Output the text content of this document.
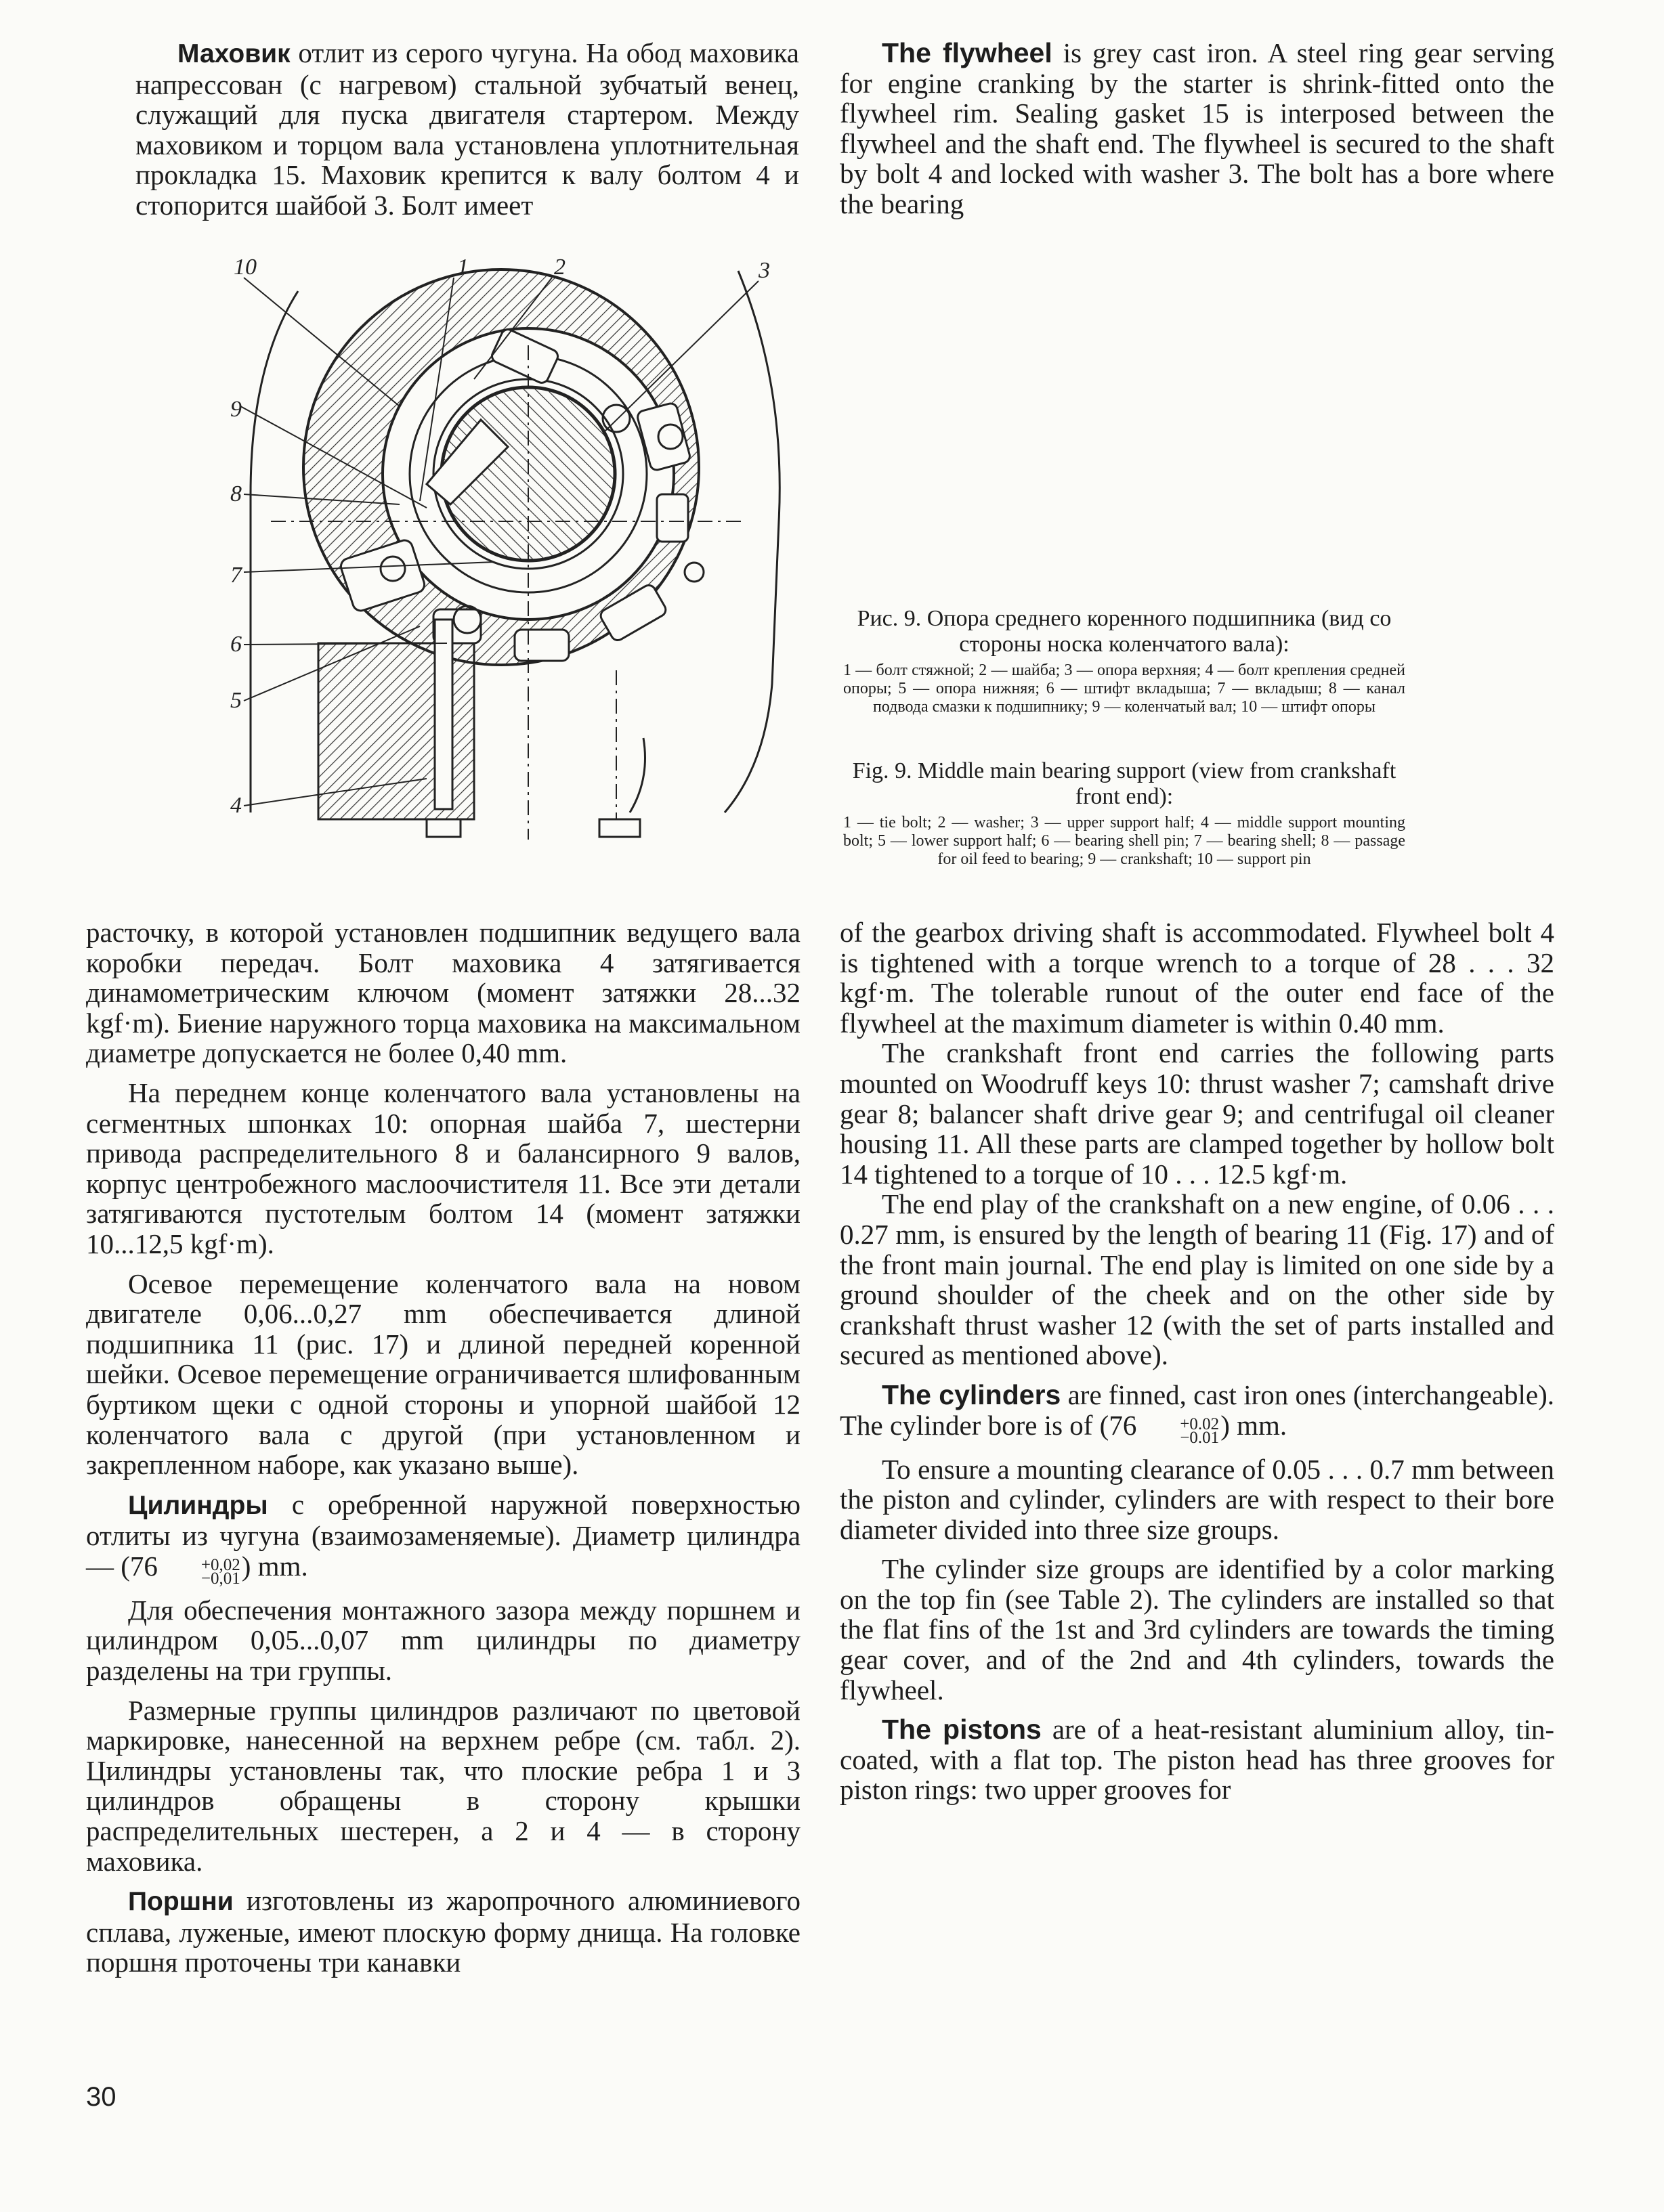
Маховик отлит из серого чугуна. На обод маховика напрессован (с нагревом) стальной зубчатый венец, служащий для пуска двигателя стартером. Между маховиком и торцом вала установлена уплотнительная прокладка 15. Маховик крепится к валу болтом 4 и стопорится шайбой 3. Болт имеет

The flywheel is grey cast iron. A steel ring gear serving for engine cranking by the starter is shrink-fitted onto the flywheel rim. Sealing gasket 15 is interposed between the flywheel and the shaft end. The flywheel is secured to the shaft by bolt 4 and locked with washer 3. The bolt has a bore where the bearing

10	1	2	3
9
8
7
6
5
4
Рис. 9. Опора среднего коренного подшипника (вид со стороны носка коленчатого вала):
1 — болт стяжной; 2 — шайба; 3 — опора верхняя; 4 — болт крепления средней опоры; 5 — опора нижняя; 6 — штифт вкладыша; 7 — вкладыш; 8 — канал подвода смазки к подшипнику; 9 — коленчатый вал; 10 — штифт опоры
Fig. 9. Middle main bearing support (view from crankshaft front end):
1 — tie bolt; 2 — washer; 3 — upper support half; 4 — middle support mounting bolt; 5 — lower support half; 6 — bearing shell pin; 7 — bearing shell; 8 — passage for oil feed to bearing; 9 — crankshaft; 10 — support pin

расточку, в которой установлен подшипник ведущего вала коробки передач. Болт маховика 4 затягивается динамометрическим ключом (момент затяжки 28...32 kgf·m). Биение наружного торца маховика на максимальном диаметре допускается не более 0,40 mm.

На переднем конце коленчатого вала установлены на сегментных шпонках 10: опорная шайба 7, шестерни привода распределительного 8 и балансирного 9 валов, корпус центробежного маслоочистителя 11. Все эти детали затягиваются пустотелым болтом 14 (момент затяжки 10...12,5 kgf·m).

Осевое перемещение коленчатого вала на новом двигателе 0,06...0,27 mm обеспечивается длиной подшипника 11 (рис. 17) и длиной передней коренной шейки. Осевое перемещение ограничивается шлифованным буртиком щеки с одной стороны и упорной шайбой 12 коленчатого вала с другой (при установленном и закрепленном наборе, как указано выше).

Цилиндры с оребренной наружной поверхностью отлиты из чугуна (взаимозаменяемые). Диаметр цилиндра — (76	+0,02
−0,01 ) mm.

Для обеспечения монтажного зазора между поршнем и цилиндром 0,05...0,07 mm цилиндры по диаметру разделены на три группы.

Размерные группы цилиндров различают по цветовой маркировке, нанесенной на верхнем ребре (см. табл. 2). Цилиндры установлены так, что плоские ребра 1 и 3 цилиндров обращены в сторону крышки распределительных шестерен, а 2 и 4 — в сторону маховика.

Поршни изготовлены из жаропрочного алюминиевого сплава, луженые, имеют плоскую форму днища. На головке поршня проточены три канавки

of the gearbox driving shaft is accommodated. Flywheel bolt 4 is tightened with a torque wrench to a torque of 28 . . . 32 kgf·m. The tolerable runout of the outer end face of the flywheel at the maximum diameter is within 0.40 mm.

The crankshaft front end carries the following parts mounted on Woodruff keys 10: thrust washer 7; camshaft drive gear 8; balancer shaft drive gear 9; and centrifugal oil cleaner housing 11. All these parts are clamped together by hollow bolt 14 tightened to a torque of 10 . . . 12.5 kgf·m.

The end play of the crankshaft on a new engine, of 0.06 . . . 0.27 mm, is ensured by the length of bearing 11 (Fig. 17) and of the front main journal. The end play is limited on one side by a ground shoulder of the cheek and on the other side by crankshaft thrust washer 12 (with the set of parts installed and secured as mentioned above).

The cylinders are finned, cast iron ones (interchangeable). The cylinder bore is of (76	+0.02
−0.01 ) mm.

To ensure a mounting clearance of 0.05 . . . 0.7 mm between the piston and cylinder, cylinders are with respect to their bore diameter divided into three size groups.

The cylinder size groups are identified by a color marking on the top fin (see Table 2). The cylinders are installed so that the flat fins of the 1st and 3rd cylinders are towards the timing gear cover, and of the 2nd and 4th cylinders, towards the flywheel.

The pistons are of a heat-resistant aluminium alloy, tin-coated, with a flat top. The piston head has three grooves for piston rings: two upper grooves for

30
